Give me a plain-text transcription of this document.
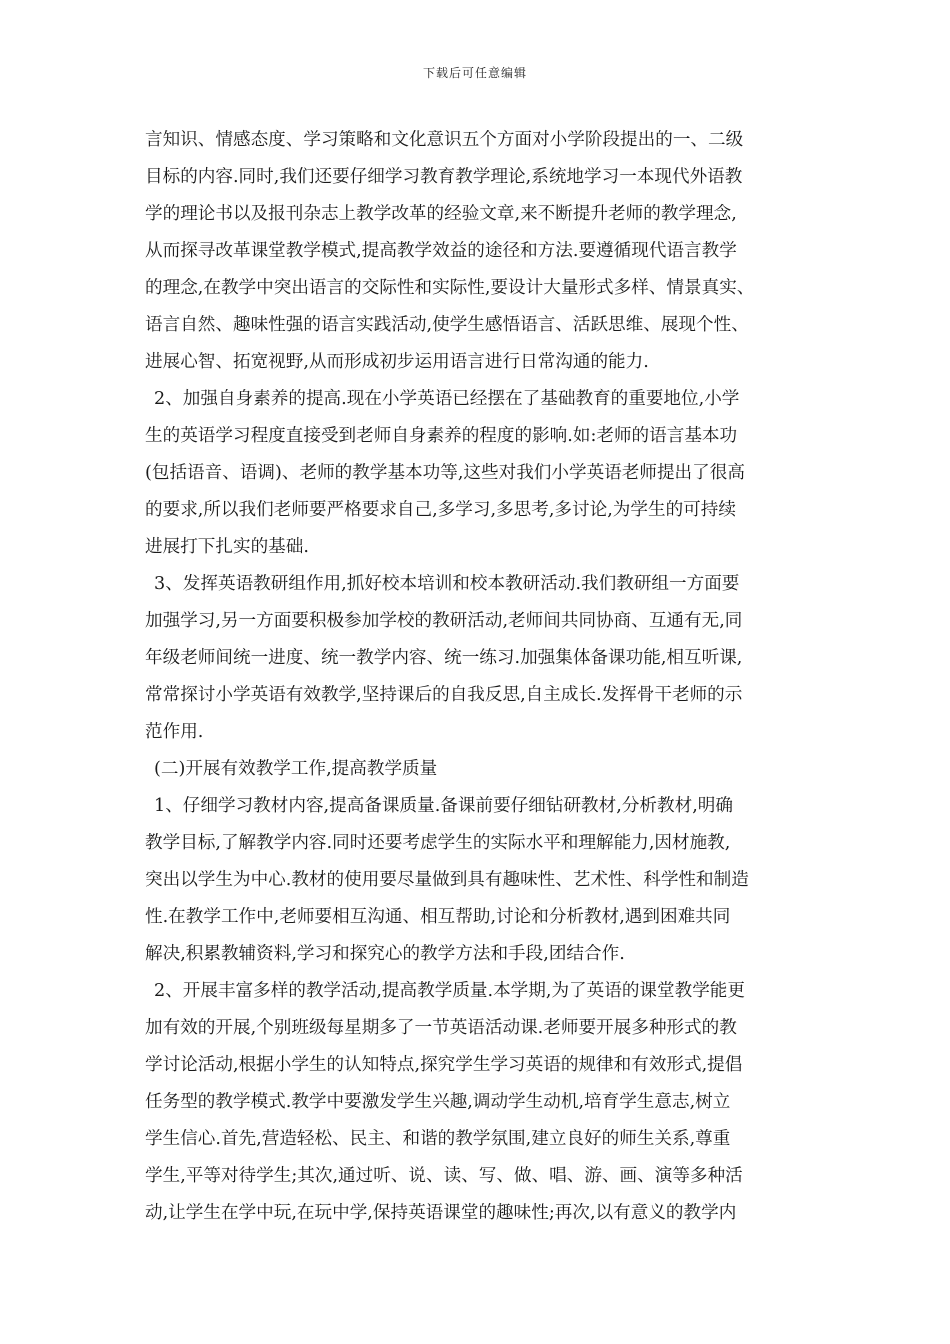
下载后可任意编辑
言知识、情感态度、学习策略和文化意识五个方面对小学阶段提出的一、二级
目标的内容.同时,我们还要仔细学习教育教学理论,系统地学习一本现代外语教
学的理论书以及报刊杂志上教学改革的经验文章,来不断提升老师的教学理念,
从而探寻改革课堂教学模式,提高教学效益的途径和方法.要遵循现代语言教学
的理念,在教学中突出语言的交际性和实际性,要设计大量形式多样、情景真实、
语言自然、趣味性强的语言实践活动,使学生感悟语言、活跃思维、展现个性、
进展心智、拓宽视野,从而形成初步运用语言进行日常沟通的能力.
2、加强自身素养的提高.现在小学英语已经摆在了基础教育的重要地位,小学
生的英语学习程度直接受到老师自身素养的程度的影响.如:老师的语言基本功
(包括语音、语调)、老师的教学基本功等,这些对我们小学英语老师提出了很高
的要求,所以我们老师要严格要求自己,多学习,多思考,多讨论,为学生的可持续
进展打下扎实的基础.
3、发挥英语教研组作用,抓好校本培训和校本教研活动.我们教研组一方面要
加强学习,另一方面要积极参加学校的教研活动,老师间共同协商、互通有无,同
年级老师间统一进度、统一教学内容、统一练习.加强集体备课功能,相互听课,
常常探讨小学英语有效教学,坚持课后的自我反思,自主成长.发挥骨干老师的示
范作用.
(二)开展有效教学工作,提高教学质量
1、仔细学习教材内容,提高备课质量.备课前要仔细钻研教材,分析教材,明确
教学目标,了解教学内容.同时还要考虑学生的实际水平和理解能力,因材施教,
突出以学生为中心.教材的使用要尽量做到具有趣味性、艺术性、科学性和制造
性.在教学工作中,老师要相互沟通、相互帮助,讨论和分析教材,遇到困难共同
解决,积累教辅资料,学习和探究心的教学方法和手段,团结合作.
2、开展丰富多样的教学活动,提高教学质量.本学期,为了英语的课堂教学能更
加有效的开展,个别班级每星期多了一节英语活动课.老师要开展多种形式的教
学讨论活动,根据小学生的认知特点,探究学生学习英语的规律和有效形式,提倡
任务型的教学模式.教学中要激发学生兴趣,调动学生动机,培育学生意志,树立
学生信心.首先,营造轻松、民主、和谐的教学氛围,建立良好的师生关系,尊重
学生,平等对待学生;其次,通过听、说、读、写、做、唱、游、画、演等多种活
动,让学生在学中玩,在玩中学,保持英语课堂的趣味性;再次,以有意义的教学内
